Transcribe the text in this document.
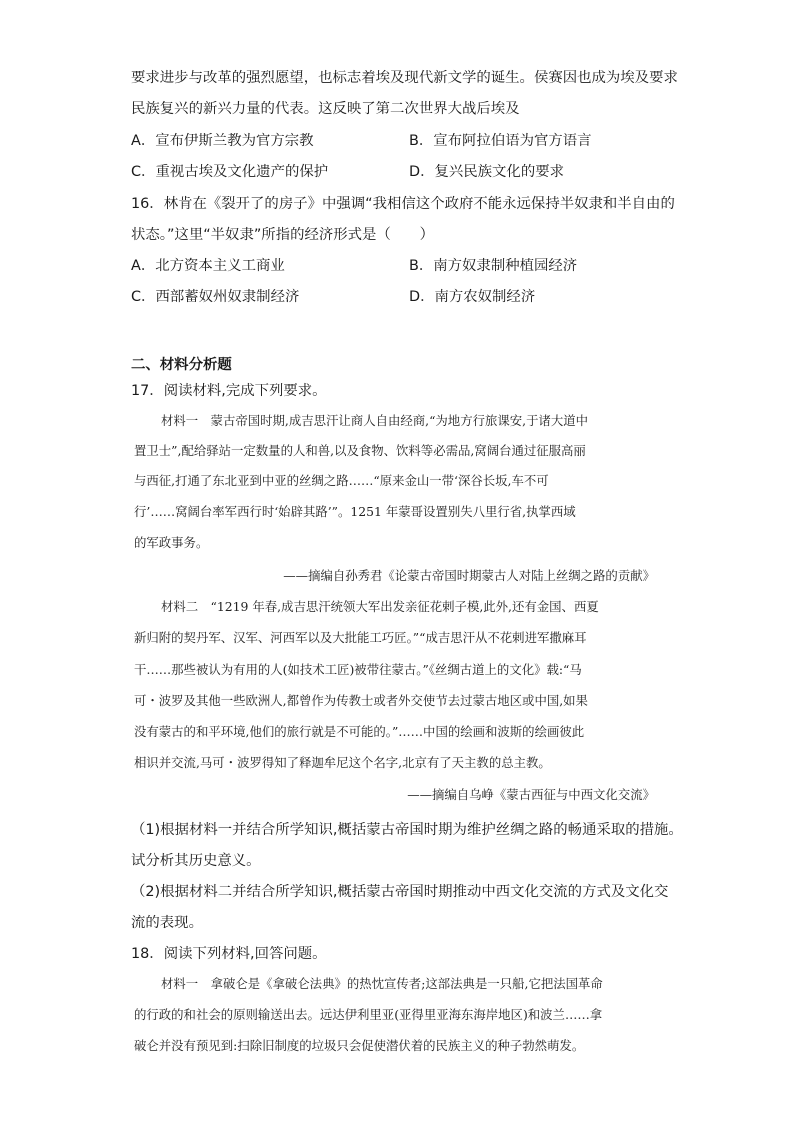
要求进步与改革的强烈愿望，也标志着埃及现代新文学的诞生。侯赛因也成为埃及要求
民族复兴的新兴力量的代表。这反映了第二次世界大战后埃及
A．宣布伊斯兰教为官方宗教	B．宣布阿拉伯语为官方语言
C．重视古埃及文化遗产的保护	D．复兴民族文化的要求
16．林肯在《裂开了的房子》中强调“我相信这个政府不能永远保持半奴隶和半自由的
状态。”这里“半奴隶”所指的经济形式是（　　）
A．北方资本主义工商业	B．南方奴隶制种植园经济
C．西部蓄奴州奴隶制经济	D．南方农奴制经济
二、材料分析题
17．阅读材料,完成下列要求。
材料一　蒙古帝国时期,成吉思汗让商人自由经商,“为地方行旅课安,于诸大道中
置卫士”,配给驿站一定数量的人和兽,以及食物、饮料等必需品,窝阔台通过征服高丽
与西征,打通了东北亚到中亚的丝绸之路……“原来金山一带‘深谷长坂,车不可
行’……窝阔台率军西行时‘始辟其路’”。1251 年蒙哥设置别失八里行省,执掌西域
的军政事务。
——摘编自孙秀君《论蒙古帝国时期蒙古人对陆上丝绸之路的贡献》
材料二　“1219 年春,成吉思汗统领大军出发亲征花剌子模,此外,还有金国、西夏
新归附的契丹军、汉军、河西军以及大批能工巧匠。”“成吉思汗从不花剌进军撒麻耳
干……那些被认为有用的人(如技术工匠)被带往蒙古。”《丝绸古道上的文化》载:“马
可・波罗及其他一些欧洲人,都曾作为传教士或者外交使节去过蒙古地区或中国,如果
没有蒙古的和平环境,他们的旅行就是不可能的。”……中国的绘画和波斯的绘画彼此
相识并交流,马可・波罗得知了释迦牟尼这个名字,北京有了天主教的总主教。
——摘编自乌峥《蒙古西征与中西文化交流》
（1)根据材料一并结合所学知识,概括蒙古帝国时期为维护丝绸之路的畅通采取的措施。
试分析其历史意义。
（2)根据材料二并结合所学知识,概括蒙古帝国时期推动中西文化交流的方式及文化交
流的表现。
18．阅读下列材料,回答问题。
材料一　拿破仑是《拿破仑法典》的热忱宣传者;这部法典是一只船,它把法国革命
的行政的和社会的原则输送出去。远达伊利里亚(亚得里亚海东海岸地区)和波兰……拿
破仑并没有预见到:扫除旧制度的垃圾只会促使潜伏着的民族主义的种子勃然萌发。
